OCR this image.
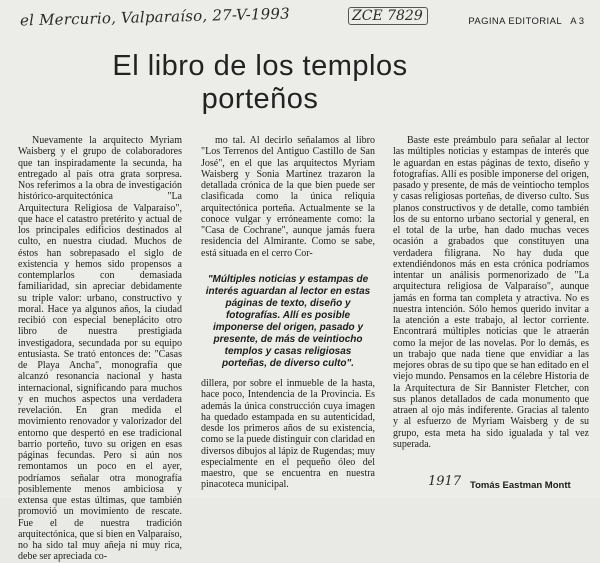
el Mercurio, Valparaíso, 27-V-1993	ZCE 7829	PAGINA EDITORIAL A 3
El libro de los templos porteños

Nuevamente la arquitecto Myriam Waisberg y el grupo de colaboradores que tan inspiradamente la secunda, ha entregado al país otra grata sorpresa. Nos referimos a la obra de investigación histórico-arquitectónica "La Arquitectura Religiosa de Valparaíso", que hace el catastro pretérito y actual de los principales edificios destinados al culto, en nuestra ciudad. Muchos de éstos han sobrepasado el siglo de existencia y hemos sido propensos a contemplarlos con demasiada familiaridad, sin apreciar debidamente su triple valor: urbano, constructivo y moral. Hace ya algunos años, la ciudad recibió con especial beneplácito otro libro de nuestra prestigiada investigadora, secundada por su equipo entusiasta. Se trató entonces de: "Casas de Playa Ancha", monografía que alcanzó resonancia nacional y hasta internacional, significando para muchos y en muchos aspectos una verdadera revelación. En gran medida el movimiento renovador y valorizador del entorno que despertó en ese tradicional barrio porteño, tuvo su origen en esas páginas fecundas. Pero si aún nos remontamos un poco en el ayer, podríamos señalar otra monografía posiblemente menos ambiciosa y extensa que estas últimas, que también promovió un movimiento de rescate. Fue el de nuestra tradición arquitectónica, que si bien en Valparaíso, no ha sido tal muy añeja ni muy rica, debe ser apreciada co-

mo tal. Al decirlo señalamos al libro "Los Terrenos del Antiguo Castillo de San José", en el que las arquitectos Myriam Waisberg y Sonia Martínez trazaron la detallada crónica de la que bien puede ser clasificada como la única reliquia arquitectónica porteña. Actualmente se la conoce vulgar y erróneamente como: la "Casa de Cochrane", aunque jamás fuera residencia del Almirante. Como se sabe, está situada en el cerro Cor-

"Múltiples noticias y estampas de interés aguardan al lector en estas páginas de texto, diseño y fotografías. Allí es posible imponerse del origen, pasado y presente, de más de veintiocho templos y casas religiosas porteñas, de diverso culto".

dillera, por sobre el inmueble de la hasta, hace poco, Intendencia de la Provincia. Es además la única construcción cuya imagen ha quedado estampada en su autenticidad, desde los primeros años de su existencia, como se la puede distinguir con claridad en diversos dibujos al lápiz de Rugendas; muy especialmente en el pequeño óleo del maestro, que se encuentra en nuestra pinacoteca municipal.

Baste este preámbulo para señalar al lector las múltiples noticias y estampas de interés que le aguardan en estas páginas de texto, diseño y fotografías. Allí es posible imponerse del origen, pasado y presente, de más de veintiocho templos y casas religiosas porteñas, de diverso culto. Sus planos constructivos y de detalle, como también los de su entorno urbano sectorial y general, en el total de la urbe, han dado muchas veces ocasión a grabados que constituyen una verdadera filigrana. No hay duda que extendiéndonos más en esta crónica podríamos intentar un análisis pormenorizado de "La arquitectura religiosa de Valparaíso", aunque jamás en forma tan completa y atractiva. No es nuestra intención. Sólo hemos querido invitar a la atención a este trabajo, al lector corriente. Encontrará múltiples noticias que le atraerán como la mejor de las novelas. Por lo demás, es un trabajo que nada tiene que envidiar a las mejores obras de su tipo que se han editado en el viejo mundo. Pensamos en la célebre Historia de la Arquitectura de Sir Bannister Fletcher, con sus planos detallados de cada monumento que atraen al ojo más indiferente. Gracias al talento y al esfuerzo de Myriam Waisberg y de su grupo, esta meta ha sido igualada y tal vez superada.

1917 Tomás Eastman Montt
